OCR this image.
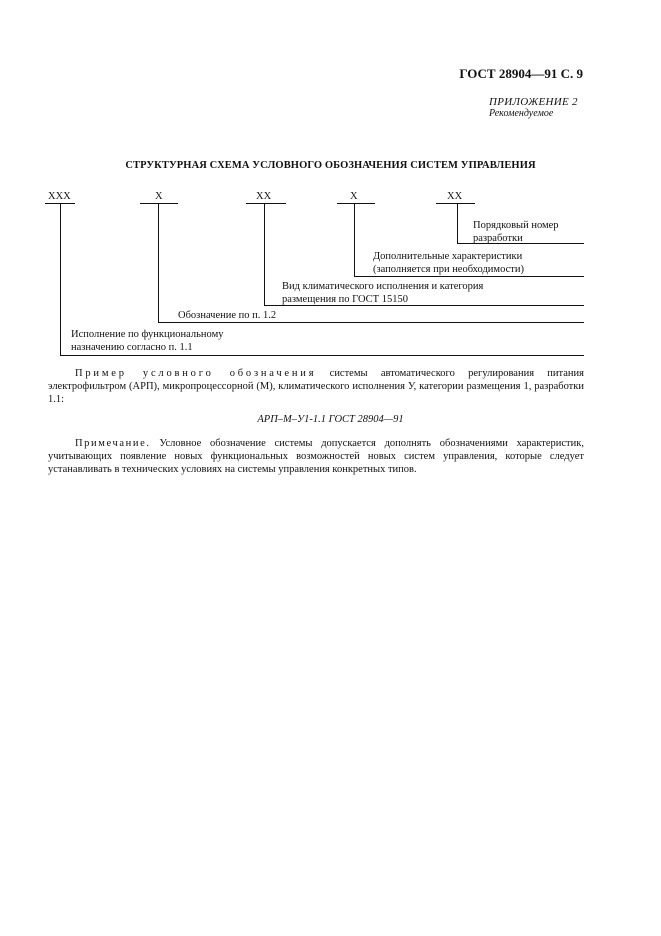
ГОСТ 28904—91 С. 9
ПРИЛОЖЕНИЕ 2
Рекомендуемое
СТРУКТУРНАЯ СХЕМА УСЛОВНОГО ОБОЗНАЧЕНИЯ СИСТЕМ УПРАВЛЕНИЯ
XXX	X	XX	X	XX
Порядковый номер
разработки
Дополнительные характеристики
(заполняется при необходимости)
Вид климатического исполнения и категория
размещения по ГОСТ 15150
Обозначение по п. 1.2
Исполнение по функциональному
назначению согласно п. 1.1
Пример условного обозначения системы автоматического регулирования питания электрофильтром (АРП), микропроцессорной (М), климатического исполнения У, категории размещения 1, разработки 1.1:
АРП–М–У1-1.1 ГОСТ 28904—91
Примечание. Условное обозначение системы допускается дополнять обозначениями характеристик, учитывающих появление новых функциональных возможностей новых систем управления, которые следует устанавливать в технических условиях на системы управления конкретных типов.
